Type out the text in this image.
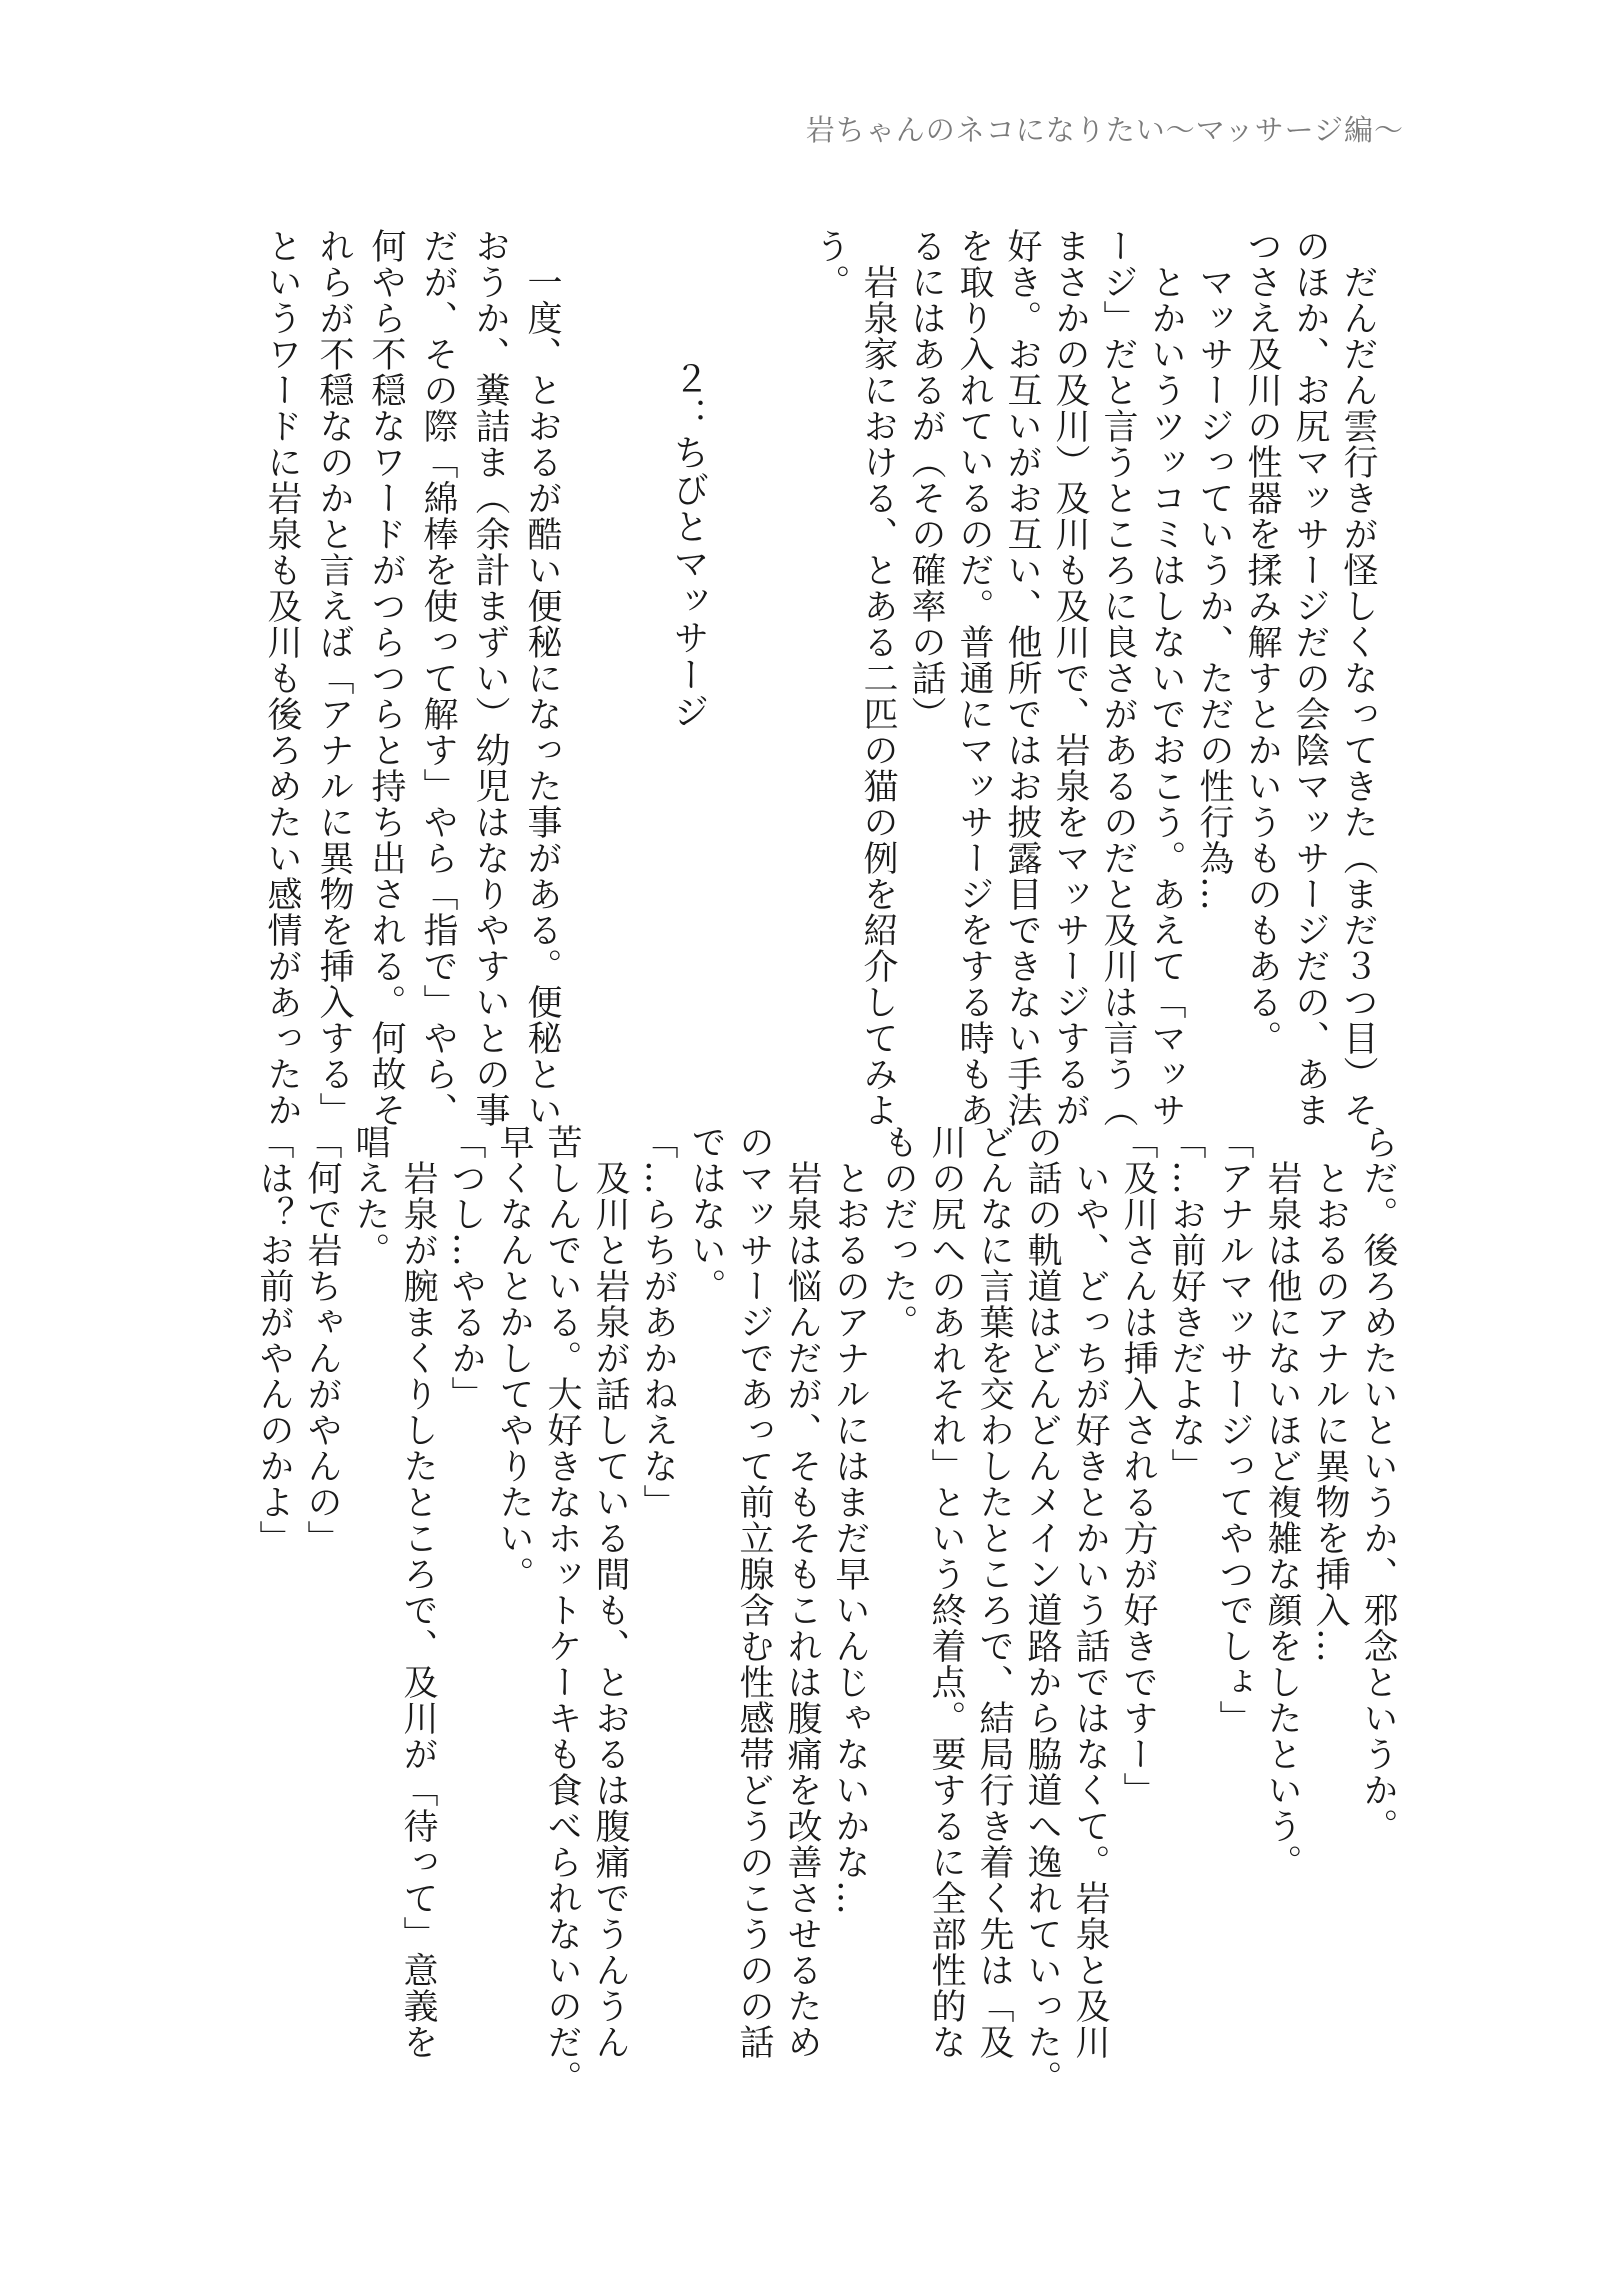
岩ちゃんのネコになりたい〜マッサージ編〜
　だんだん雲行きが怪しくなってきた（まだ３つ目）そ
のほか、お尻マッサージだの会陰マッサージだの、あま
つさえ及川の性器を揉み解すとかいうものもある。
　マッサージっていうか、ただの性行為…
　とかいうツッコミはしないでおこう。あえて「マッサ
ージ」だと言うところに良さがあるのだと及川は言う（
まさかの及川）及川も及川で、岩泉をマッサージするが
好き。お互いがお互い、他所ではお披露目できない手法
を取り入れているのだ。普通にマッサージをする時もあ
るにはあるが（その確率の話）
　岩泉家における、とある二匹の猫の例を紹介してみよ
う。
２：ちびとマッサージ
　一度、とおるが酷い便秘になった事がある。便秘とい
おうか、糞詰ま（余計まずい）幼児はなりやすいとの事
だが、その際「綿棒を使って解す」やら「指で」やら、
何やら不穏なワードがつらつらと持ち出される。何故そ
れらが不穏なのかと言えば「アナルに異物を挿入する」
というワードに岩泉も及川も後ろめたい感情があったか
らだ。後ろめたいというか、邪念というか。
　とおるのアナルに異物を挿入…
　岩泉は他にないほど複雑な顔をしたという。
「アナルマッサージってやつでしょ」
「…お前好きだよな」
「及川さんは挿入される方が好きですー」
　いや、どっちが好きとかいう話ではなくて。岩泉と及川
の話の軌道はどんどんメイン道路から脇道へ逸れていった。
どんなに言葉を交わしたところで、結局行き着く先は「及
川の尻へのあれそれ」という終着点。要するに全部性的な
ものだった。
　とおるのアナルにはまだ早いんじゃないかな…
　岩泉は悩んだが、そもそもこれは腹痛を改善させるため
のマッサージであって前立腺含む性感帯どうのこうのの話
ではない。
「…らちがあかねえな」
　及川と岩泉が話している間も、とおるは腹痛でうんうん
苦しんでいる。大好きなホットケーキも食べられないのだ。
早くなんとかしてやりたい。
「つし…やるか」
　岩泉が腕まくりしたところで、及川が「待って」意義を
唱えた。
「何で岩ちゃんがやんの」
「は？お前がやんのかよ」
